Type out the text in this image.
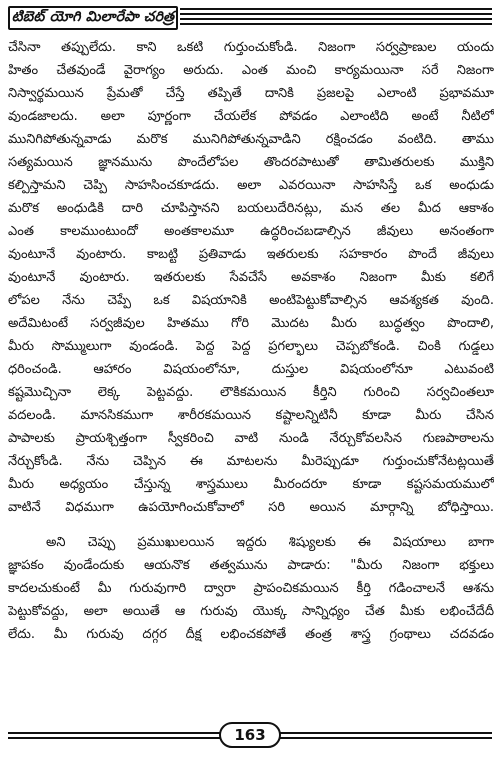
టిబెట్ యోగి మిలారేపా చరిత్ర
చేసినా తప్పులేదు. కాని ఒకటి గుర్తుంచుకోండి. నిజంగా సర్వప్రాణుల యందు
హితం చేతవుండే వైరాగ్యం అరుదు. ఎంత మంచి కార్యమయినా సరే నిజంగా
నిస్వార్థమయిన ప్రేమతో చేస్తే తప్పితే దానికి ప్రజలపై ఎలాంటి ప్రభావమూ
వుండజాలదు. అలా పూర్ణంగా చేయలేక పోవడం ఎలాంటిది అంటే నీటిలో
మునిగిపోతున్నవాడు మరొక మునిగిపోతున్నవాడిని రక్షించడం వంటిది. తాము
సత్యమయిన జ్ఞానమును పొందేలోపల తొందరపాటుతో తామితరులకు ముక్తిని
కల్పిస్తామని చెప్పి సాహసించకూడదు. అలా ఎవరయినా సాహసిస్తే ఒక అంధుడు
మరొక అంధుడికి దారి చూపిస్తానని బయలుదేరినట్లు, మన తల మీద ఆకాశం
ఎంత కాలముంటుందో అంతకాలమూ ఉద్ధరించబడాల్సిన జీవులు అనంతంగా
వుంటూనే వుంటారు. కాబట్టి ప్రతివాడు ఇతరులకు సహకారం పొందే జీవులు
వుంటూనే వుంటారు. ఇతరులకు సేవచేసే అవకాశం నిజంగా మీకు కలిగే
లోపల నేను చెప్పే ఒక విషయానికి అంటిపెట్టుకోవాల్సిన ఆవశ్యకత వుంది.
అదేమిటంటే సర్వజీవుల హితము గోరి మొదట మీరు బుద్ధత్వం పొందాలి,
మీరు సొమ్ములుగా వుండండి. పెద్ద పెద్ద ప్రగల్భాలు చెప్పబోకండి. చింకి గుడ్డలు
ధరించండి. ఆహారం విషయంలోనూ, దుస్తుల విషయంలోనూ ఎటువంటి
కష్టమొచ్చినా లెక్క పెట్టవద్దు. లౌకికమయిన కీర్తిని గురించి సర్వచింతలూ
వదలండి. మానసికముగా శారీరకమయిన కష్టాలన్నిటినీ కూడా మీరు చేసిన
పాపాలకు ప్రాయశ్చిత్తంగా స్వీకరించి వాటి నుండి నేర్చుకోవలసిన గుణపాఠాలను
నేర్చుకోండి. నేను చెప్పిన ఈ మాటలను మీరెప్పుడూ గుర్తుంచుకోనేటట్లయితే
మీరు అధ్యయం చేస్తున్న శాస్త్రములు మీరందరూ కూడా కష్టసమయములో
వాటినే విధముగా ఉపయోగించుకోవాలో సరి అయిన మార్గాన్ని బోధిస్తాయి.
అని చెప్పు ప్రముఖులయిన ఇద్దరు శిష్యులకు ఈ విషయాలు బాగా
జ్ఞాపకం వుండేందుకు ఆయనొక తత్వమును పాడారు: "మీరు నిజంగా భక్తులు
కాదలచుకుంటే మీ గురువుగారి ద్వారా ప్రాపంచికమయిన కీర్తి గడించాలనే ఆశను
పెట్టుకోవద్దు, అలా అయితే ఆ గురువు యొక్క సాన్నిధ్యం చేత మీకు లభించేదేదీ
లేదు. మీ గురువు దగ్గర దీక్ష లభించకపోతే తంత్ర శాస్త్ర గ్రంథాలు చదవడం
163
